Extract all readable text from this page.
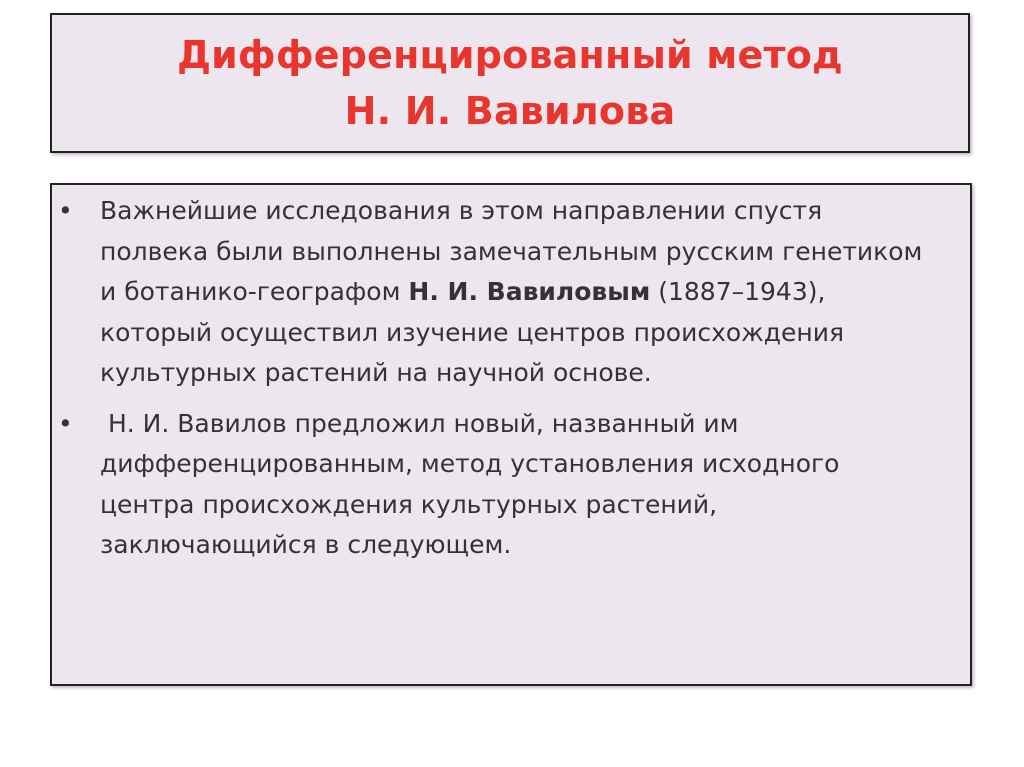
Дифференцированный метод
Н. И. Вавилова
• Важнейшие исследования в этом направлении спустя полвека были выполнены замечательным русским генетиком и ботанико-географом Н. И. Вавиловым (1887–1943), который осуществил изучение центров происхождения культурных растений на научной основе.
• Н. И. Вавилов предложил новый, названный им дифференцированным, метод установления исходного центра происхождения культурных растений, заключающийся в следующем.
